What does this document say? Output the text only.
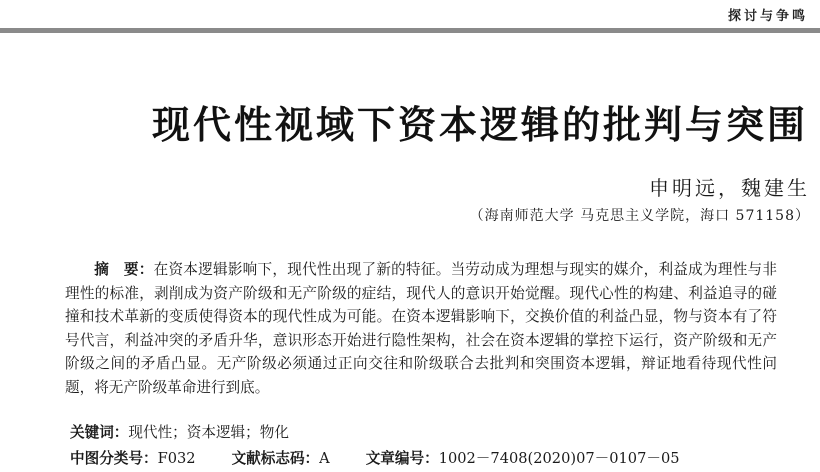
探讨与争鸣
现代性视域下资本逻辑的批判与突围
申明远，魏建生
（海南师范大学 马克思主义学院，海口 571158）

摘　要：在资本逻辑影响下，现代性出现了新的特征。当劳动成为理想与现实的媒介，利益成为理性与非理性的标准，剥削成为资产阶级和无产阶级的症结，现代人的意识开始觉醒。现代心性的构建、利益追寻的碰撞和技术革新的变质使得资本的现代性成为可能。在资本逻辑影响下，交换价值的利益凸显，物与资本有了符号代言，利益冲突的矛盾升华，意识形态开始进行隐性架构，社会在资本逻辑的掌控下运行，资产阶级和无产阶级之间的矛盾凸显。无产阶级必须通过正向交往和阶级联合去批判和突围资本逻辑，辩证地看待现代性问题，将无产阶级革命进行到底。

关键词：现代性；资本逻辑；物化
中图分类号：F032 文献标志码：A 文章编号：1002－7408(2020)07－0107－05
